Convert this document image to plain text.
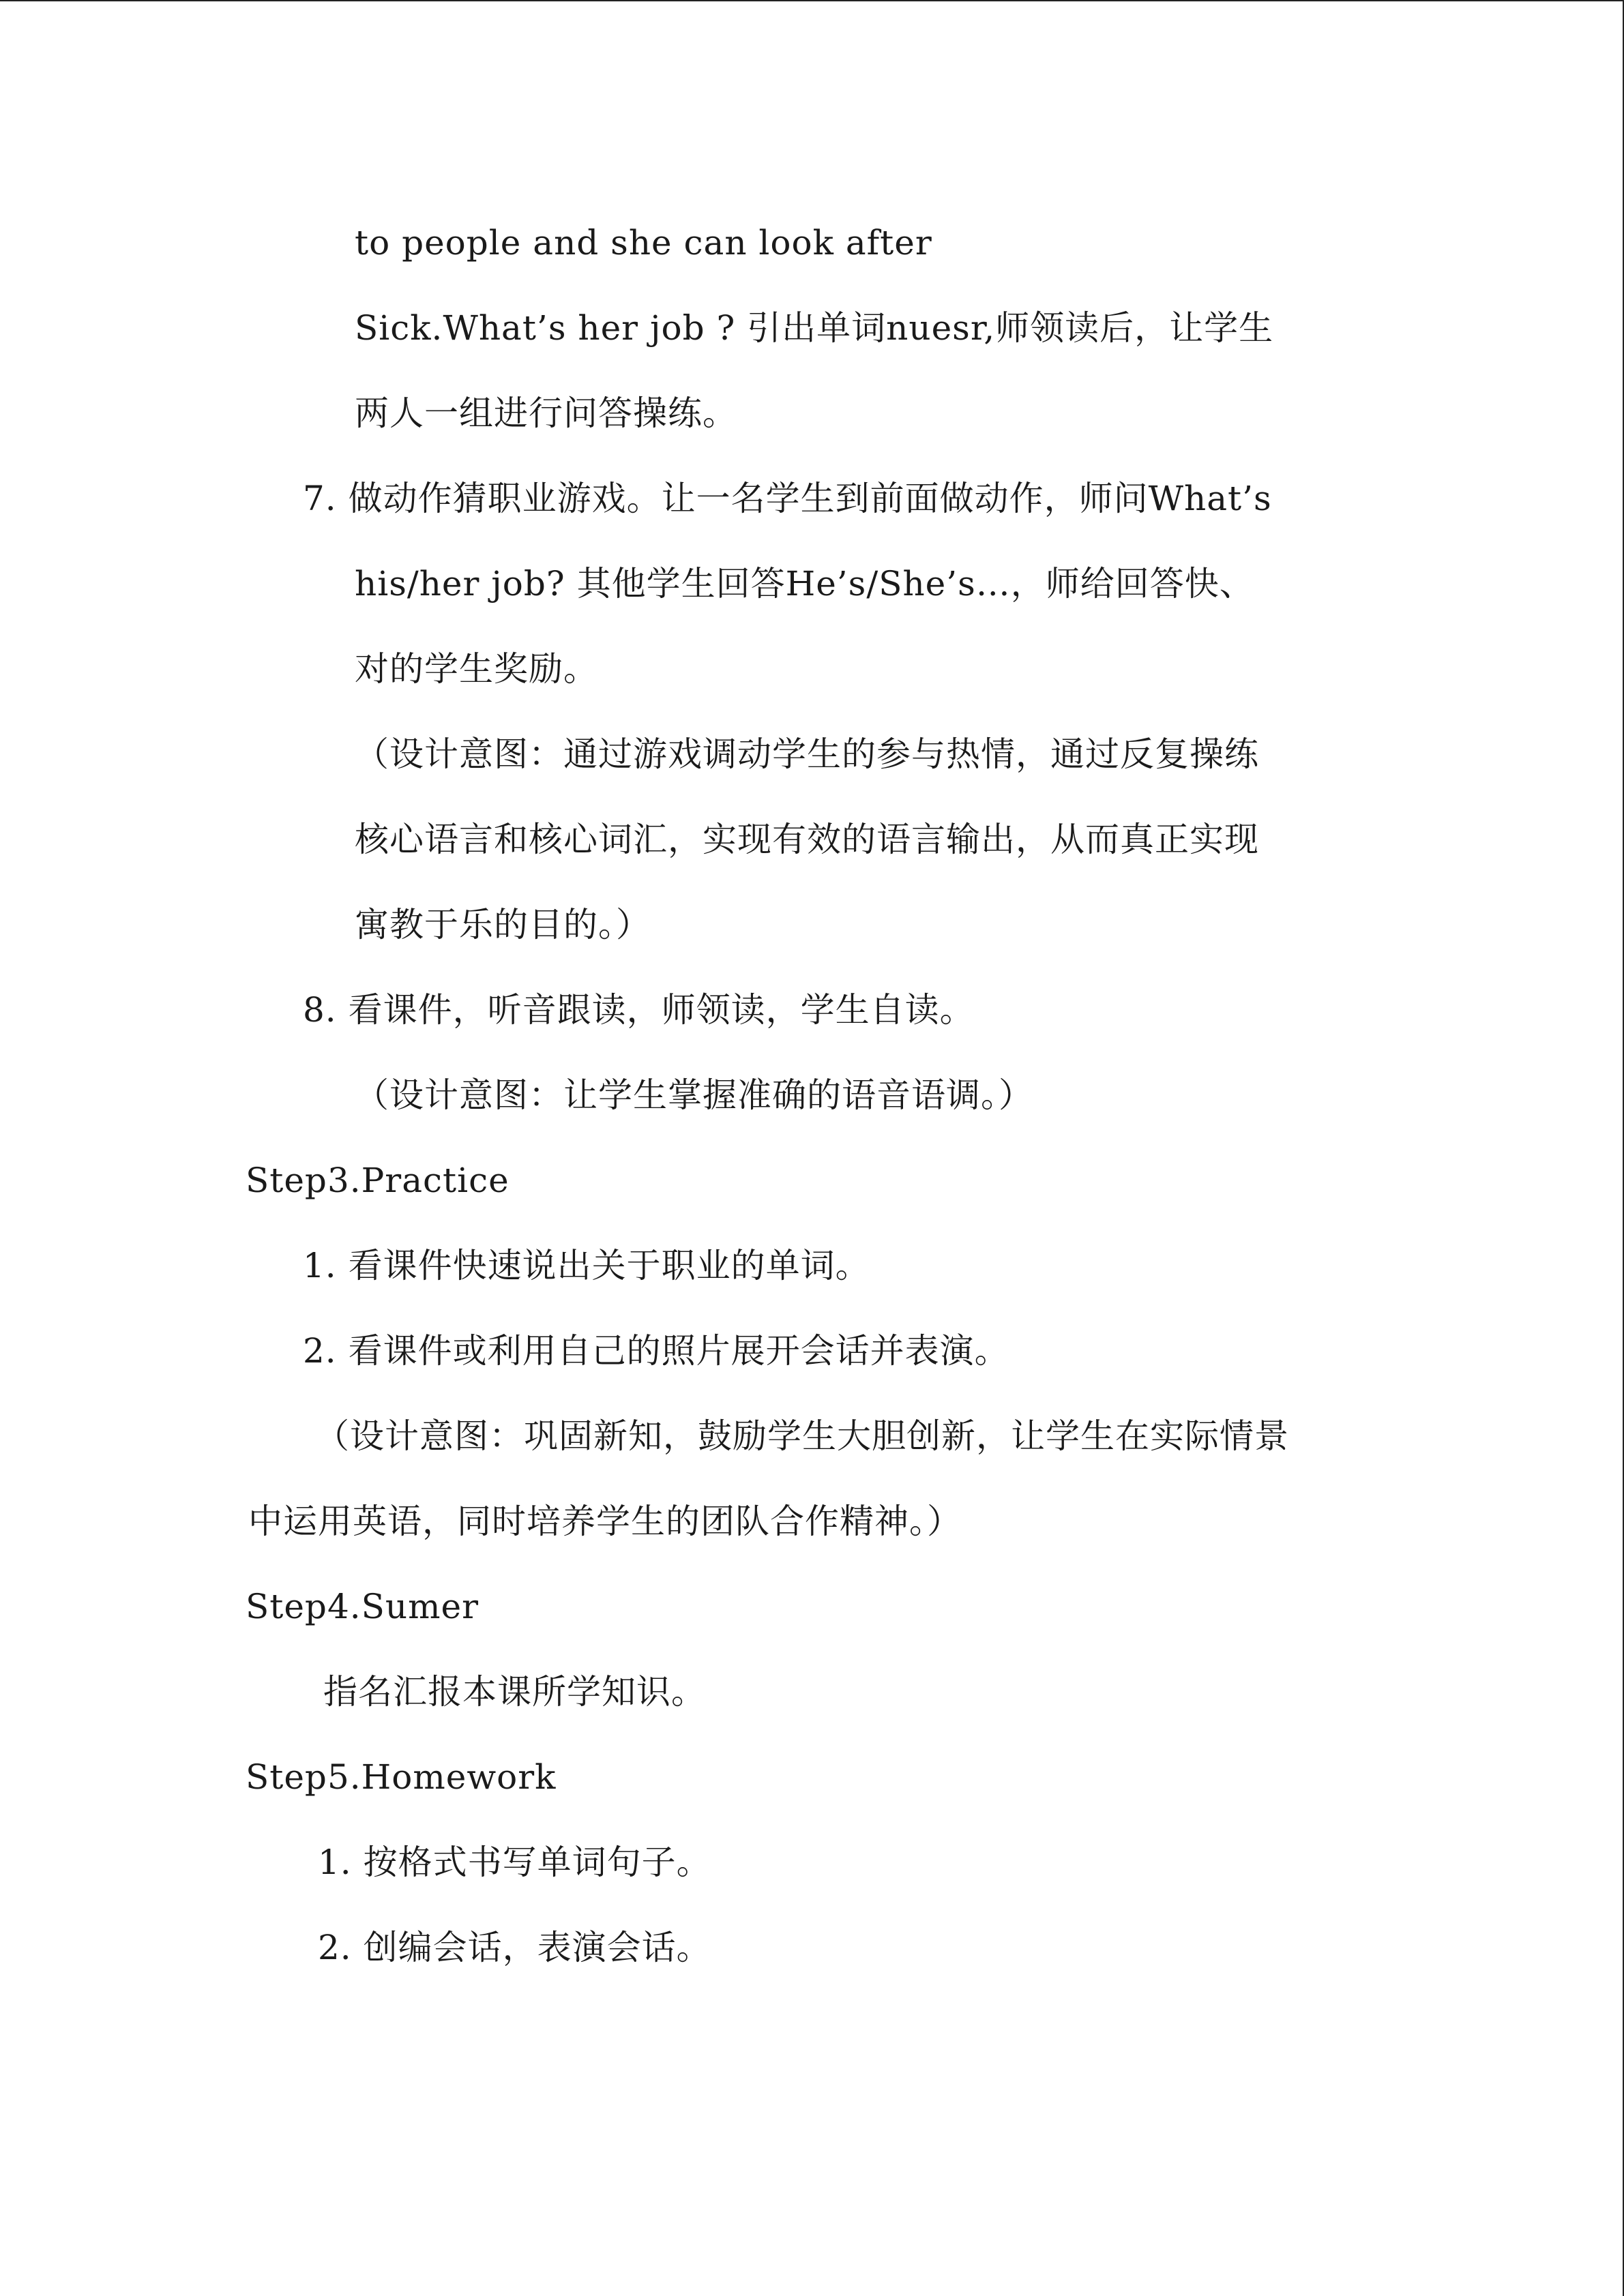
to people and she can look after
Sick.What’s her job ? 引出单词nuesr,师领读后，让学生
两人一组进行问答操练。
7. 做动作猜职业游戏。让一名学生到前面做动作，师问What’s
his/her job? 其他学生回答He’s/She’s…，师给回答快、
对的学生奖励。
（设计意图：通过游戏调动学生的参与热情，通过反复操练
核心语言和核心词汇，实现有效的语言输出，从而真正实现
寓教于乐的目的。）
8. 看课件，听音跟读，师领读，学生自读。
（设计意图：让学生掌握准确的语音语调。）
Step3.Practice
1. 看课件快速说出关于职业的单词。
2. 看课件或利用自己的照片展开会话并表演。
（设计意图：巩固新知，鼓励学生大胆创新，让学生在实际情景
中运用英语，同时培养学生的团队合作精神。）
Step4.Sumer
指名汇报本课所学知识。
Step5.Homework
1. 按格式书写单词句子。
2. 创编会话，表演会话。
